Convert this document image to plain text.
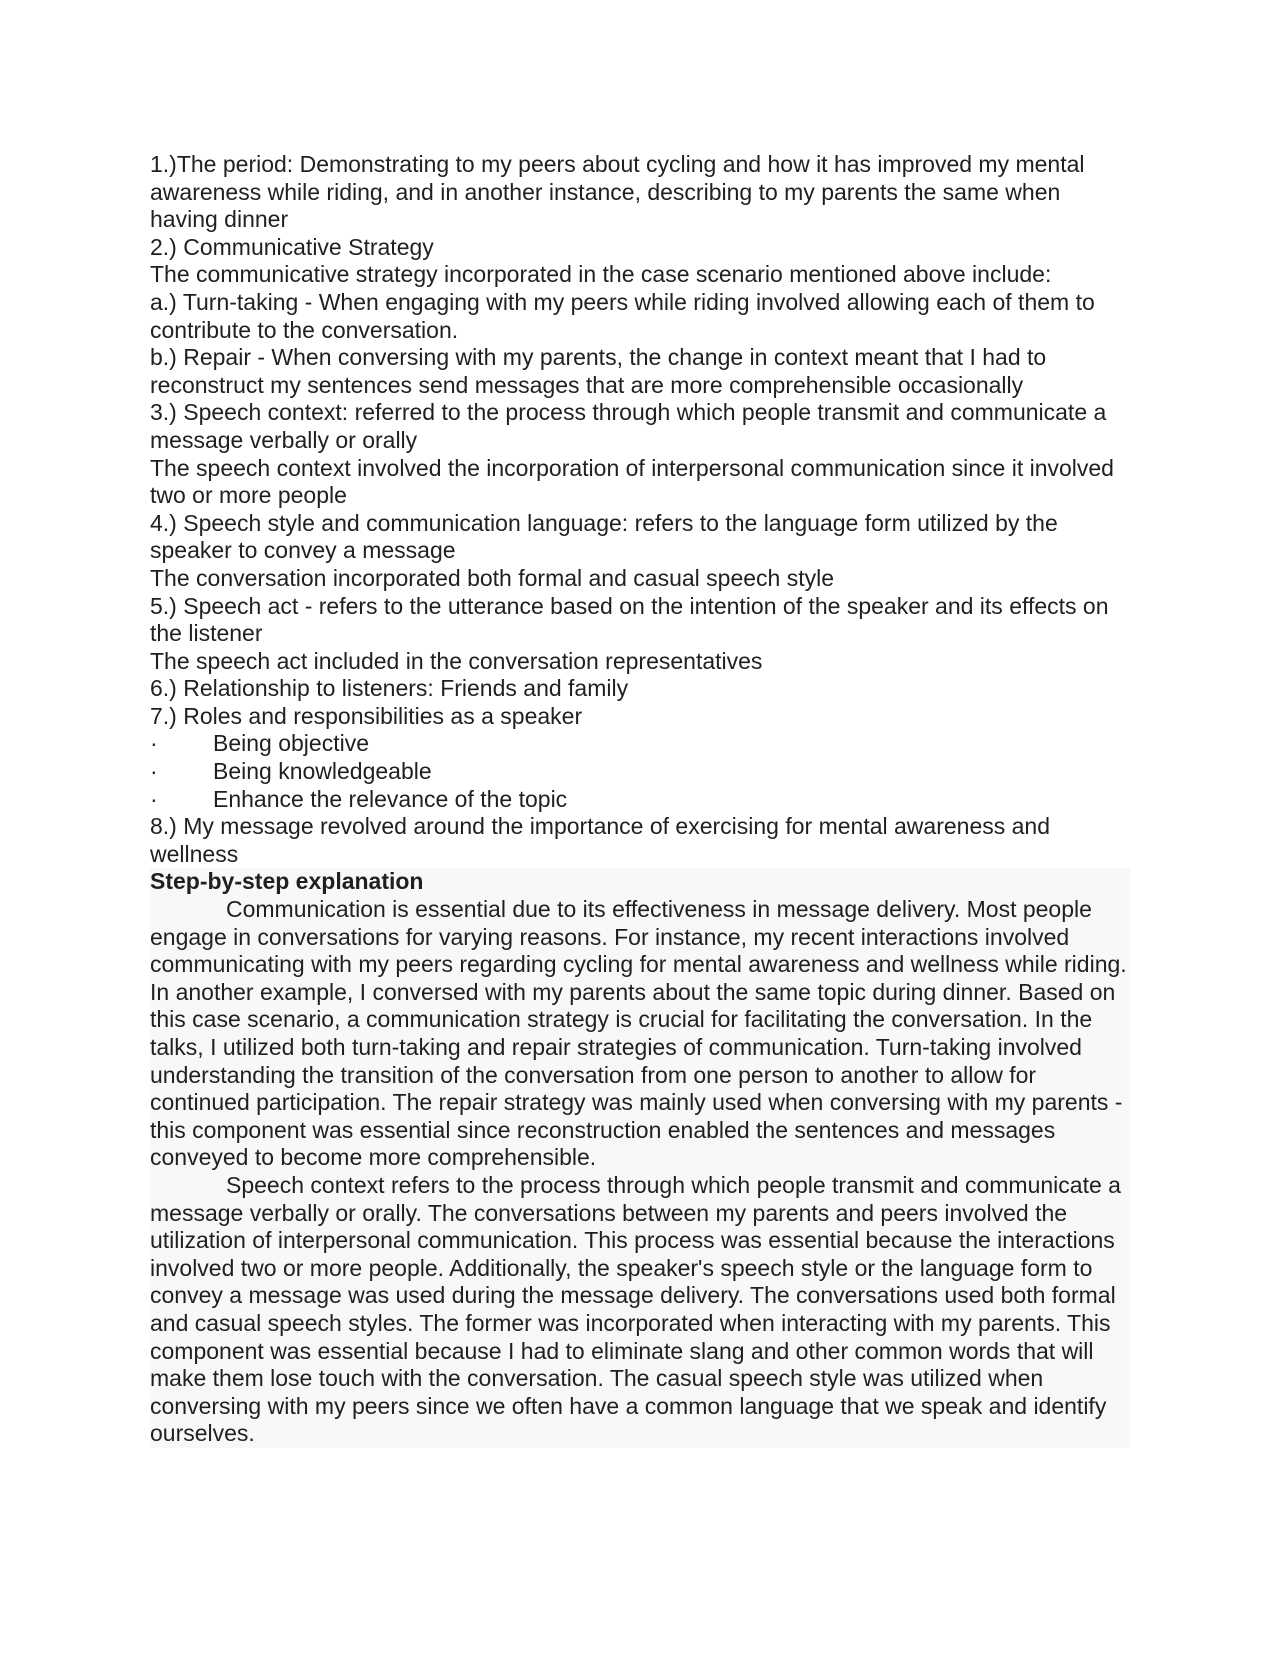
1.)The period: Demonstrating to my peers about cycling and how it has improved my mental awareness while riding, and in another instance, describing to my parents the same when having dinner

2.) Communicative Strategy

The communicative strategy incorporated in the case scenario mentioned above include:

a.) Turn-taking - When engaging with my peers while riding involved allowing each of them to contribute to the conversation.

b.) Repair - When conversing with my parents, the change in context meant that I had to reconstruct my sentences send messages that are more comprehensible occasionally

3.) Speech context: referred to the process through which people transmit and communicate a message verbally or orally

The speech context involved the incorporation of interpersonal communication since it involved two or more people

4.) Speech style and communication language: refers to the language form utilized by the speaker to convey a message

The conversation incorporated both formal and casual speech style

5.) Speech act - refers to the utterance based on the intention of the speaker and its effects on the listener

The speech act included in the conversation representatives

6.) Relationship to listeners: Friends and family

7.) Roles and responsibilities as a speaker

·	Being objective
·	Being knowledgeable
·	Enhance the relevance of the topic

8.) My message revolved around the importance of exercising for mental awareness and wellness

Step-by-step explanation

Communication is essential due to its effectiveness in message delivery. Most people engage in conversations for varying reasons. For instance, my recent interactions involved communicating with my peers regarding cycling for mental awareness and wellness while riding. In another example, I conversed with my parents about the same topic during dinner. Based on this case scenario, a communication strategy is crucial for facilitating the conversation. In the talks, I utilized both turn-taking and repair strategies of communication. Turn-taking involved understanding the transition of the conversation from one person to another to allow for continued participation. The repair strategy was mainly used when conversing with my parents - this component was essential since reconstruction enabled the sentences and messages conveyed to become more comprehensible.

Speech context refers to the process through which people transmit and communicate a message verbally or orally. The conversations between my parents and peers involved the utilization of interpersonal communication. This process was essential because the interactions involved two or more people. Additionally, the speaker's speech style or the language form to convey a message was used during the message delivery. The conversations used both formal and casual speech styles. The former was incorporated when interacting with my parents. This component was essential because I had to eliminate slang and other common words that will make them lose touch with the conversation. The casual speech style was utilized when conversing with my peers since we often have a common language that we speak and identify ourselves.
